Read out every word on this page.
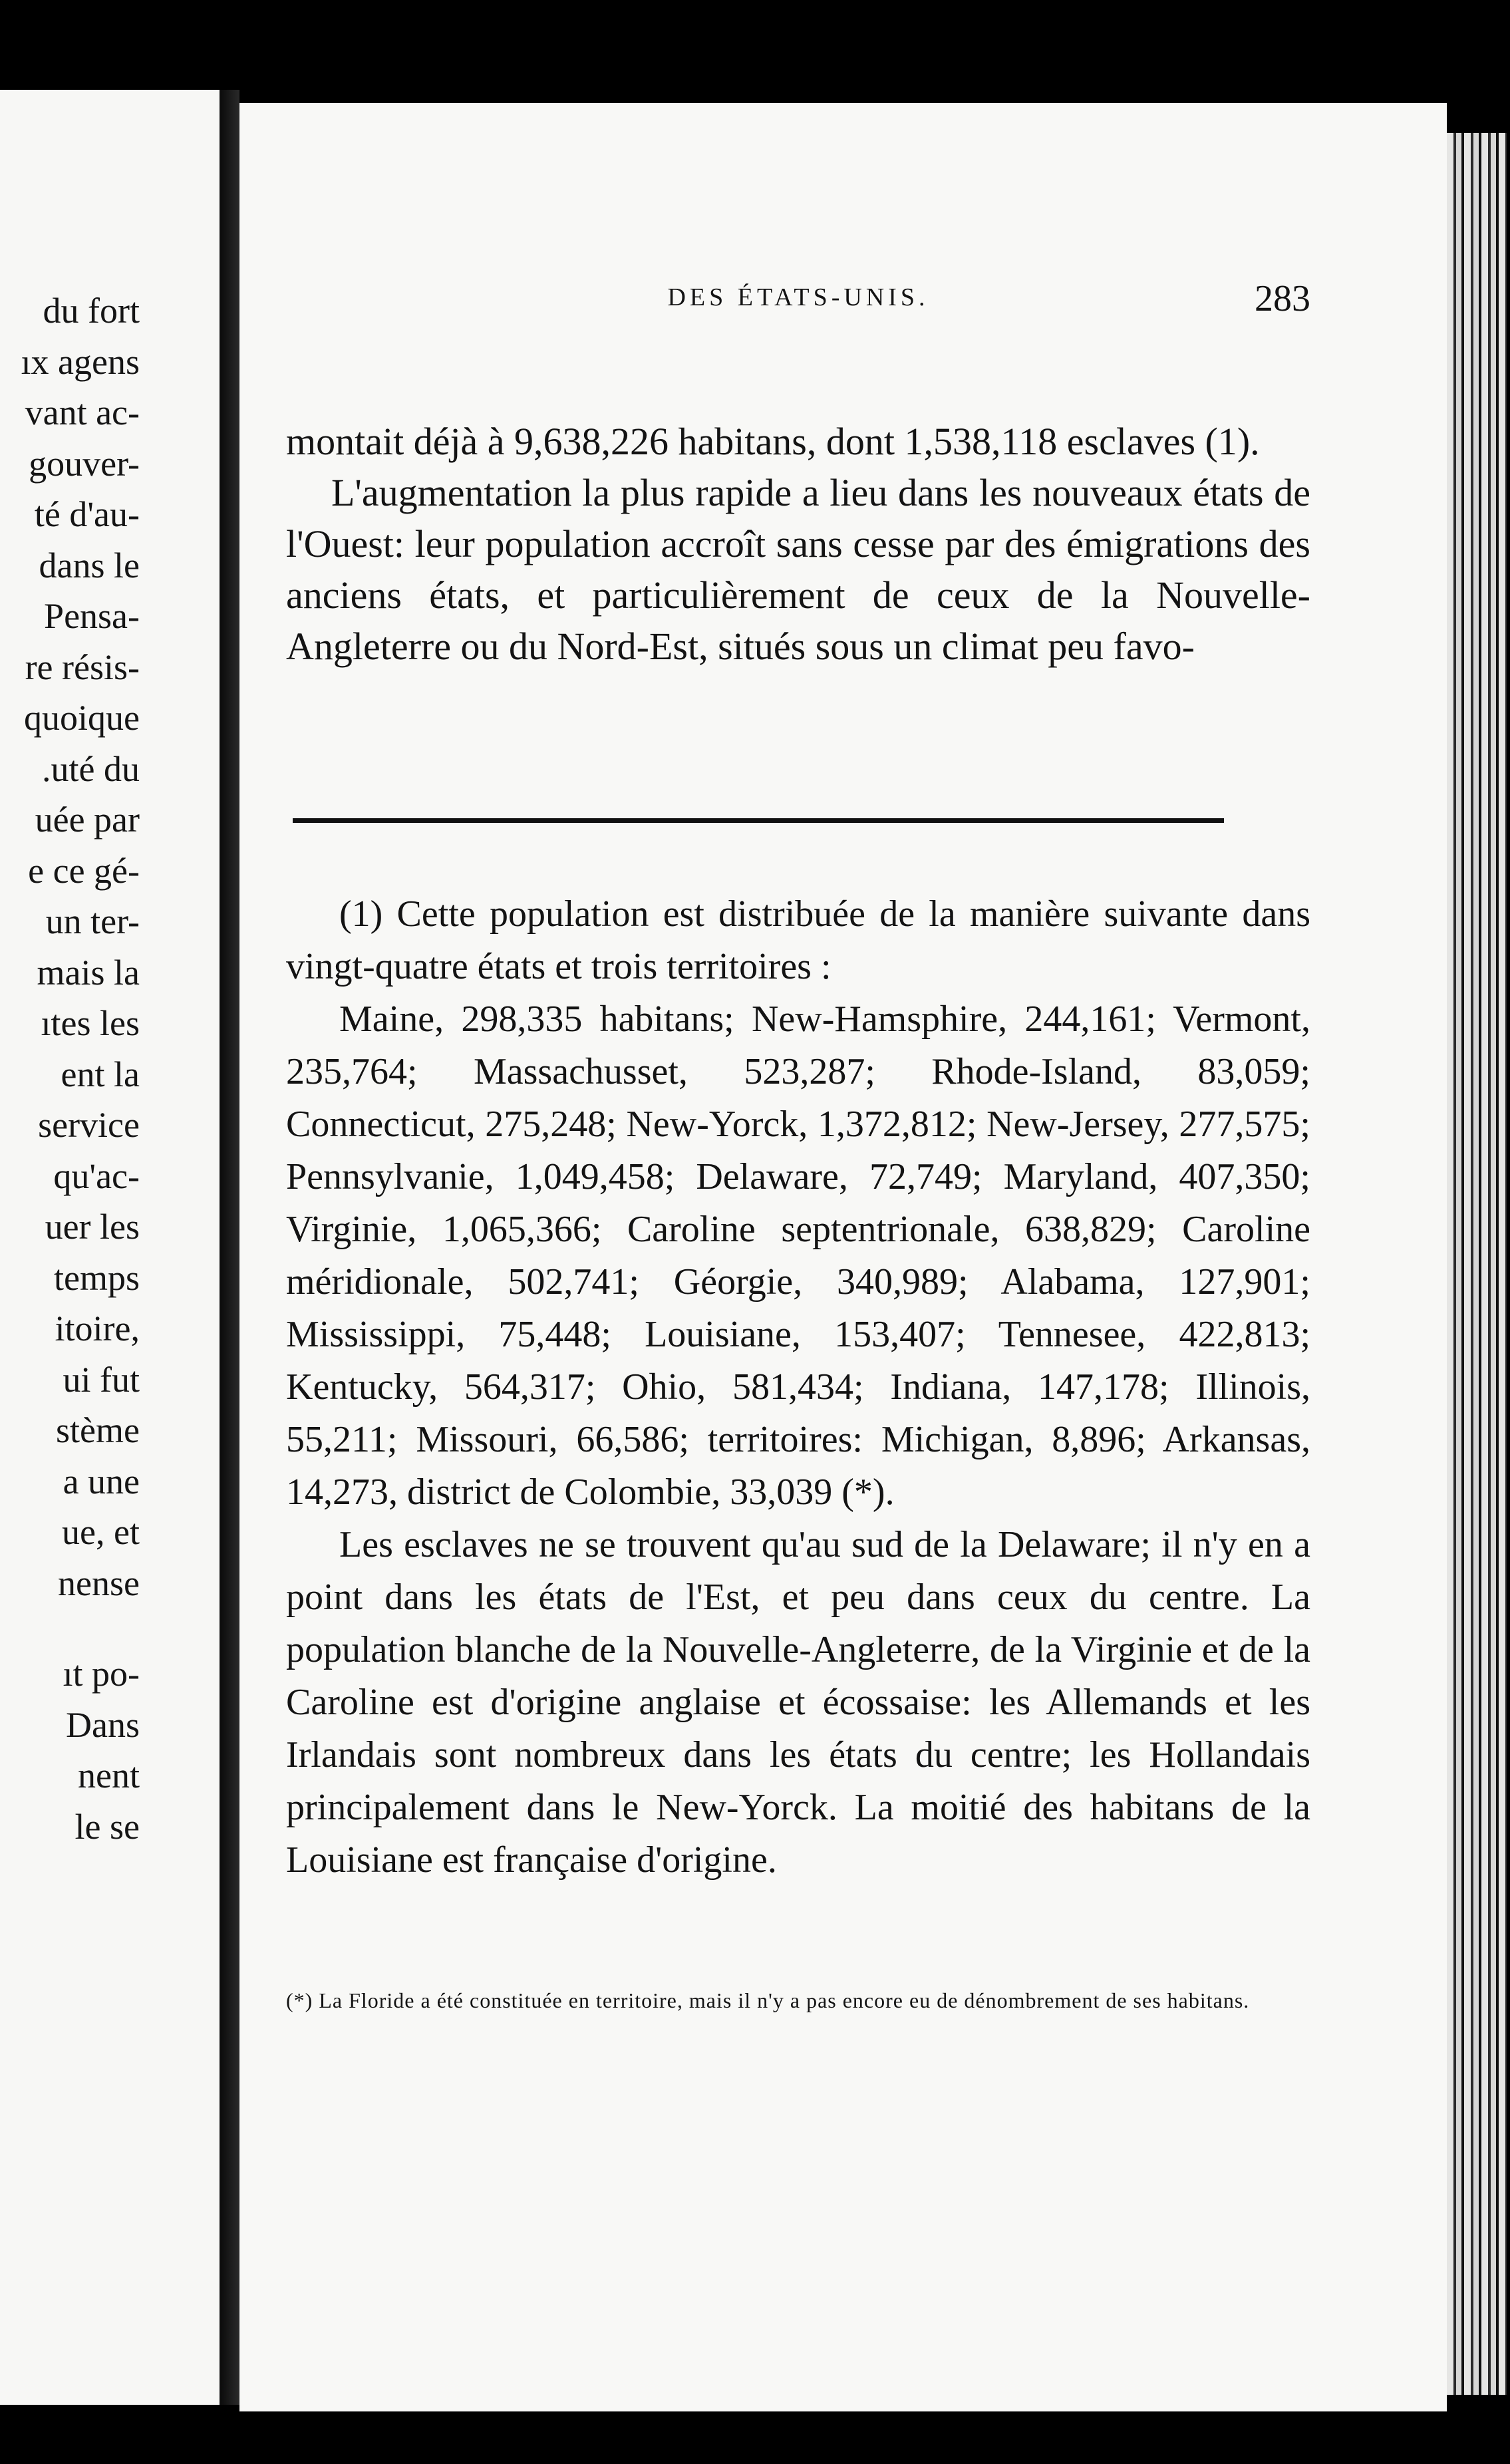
du fort
ıx agens
vant ac-
gouver-
té d'au-
dans le
Pensa-
re résis-
quoique
.uté du
uée par
e ce gé-
un ter-
mais la
ıtes les
ent la
service
qu'ac-
uer les
temps
itoire,
ui fut
stème
a une
ue, et
nense
ıt po-
Dans
nent
le se
DES ÉTATS-UNIS.	283

montait déjà à 9,638,226 habitans, dont 1,538,118 esclaves (1).

L'augmentation la plus rapide a lieu dans les nouveaux états de l'Ouest: leur population accroît sans cesse par des émigrations des anciens états, et particulièrement de ceux de la Nouvelle-Angleterre ou du Nord-Est, situés sous un climat peu favo-

(1) Cette population est distribuée de la manière suivante dans vingt-quatre états et trois territoires :

Maine, 298,335 habitans; New-Hamsphire, 244,161; Vermont, 235,764; Massachusset, 523,287; Rhode-Island, 83,059; Connecticut, 275,248; New-Yorck, 1,372,812; New-Jersey, 277,575; Pennsylvanie, 1,049,458; Delaware, 72,749; Maryland, 407,350; Virginie, 1,065,366; Caroline septentrionale, 638,829; Caroline méridionale, 502,741; Géorgie, 340,989; Alabama, 127,901; Mississippi, 75,448; Louisiane, 153,407; Tennesee, 422,813; Kentucky, 564,317; Ohio, 581,434; Indiana, 147,178; Illinois, 55,211; Missouri, 66,586; territoires: Michigan, 8,896; Arkansas, 14,273, district de Colombie, 33,039 (*).

Les esclaves ne se trouvent qu'au sud de la Delaware; il n'y en a point dans les états de l'Est, et peu dans ceux du centre. La population blanche de la Nouvelle-Angleterre, de la Virginie et de la Caroline est d'origine anglaise et écossaise: les Allemands et les Irlandais sont nombreux dans les états du centre; les Hollandais principalement dans le New-Yorck. La moitié des habitans de la Louisiane est française d'origine.

(*) La Floride a été constituée en territoire, mais il n'y a pas encore eu de dénombrement de ses habitans.
